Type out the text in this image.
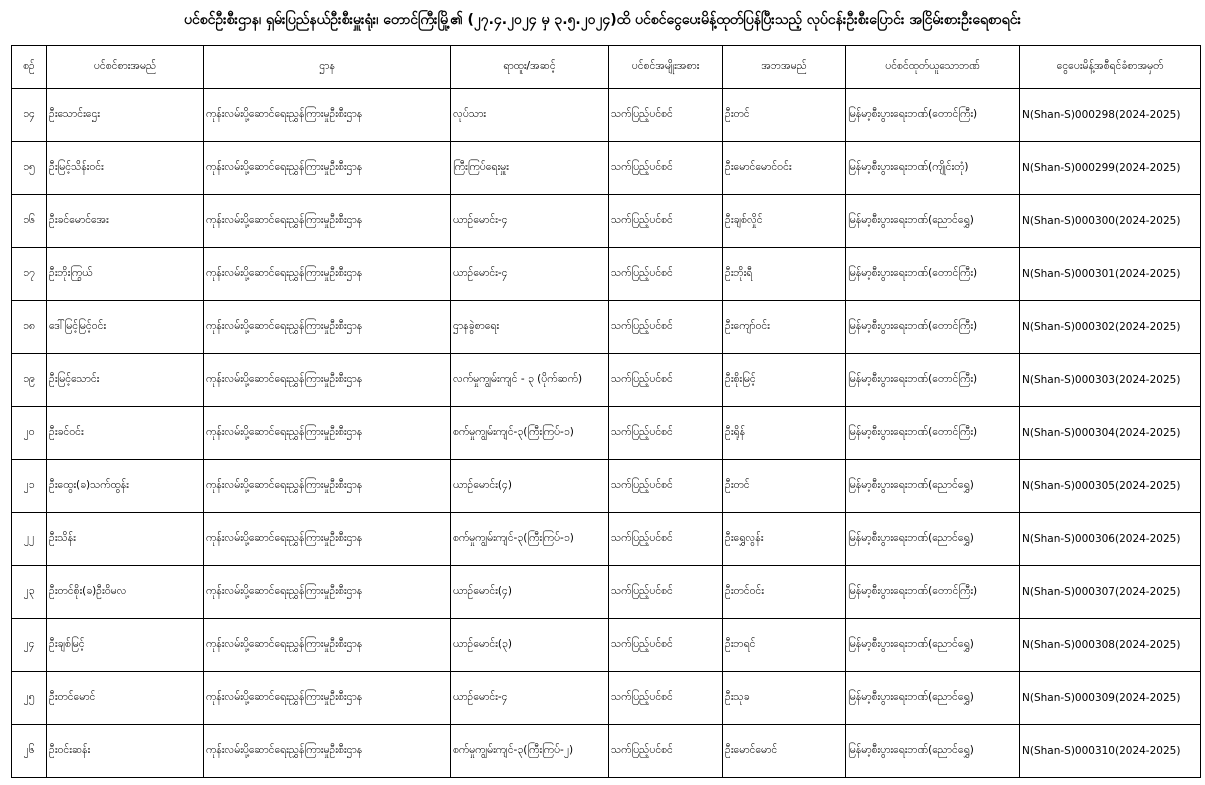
ပင်စင်ဦးစီးဌာန၊ ရှမ်းပြည်နယ်ဦးစီးမှူးရုံး၊ တောင်ကြီးမြို့၏ (၂၇.၄.၂၀၂၄ မှ ၃.၅.၂၀၂၄)ထိ ပင်စင်ငွေပေးမိန့်ထုတ်ပြန်ပြီးသည့် လုပ်ငန်းဦးစီးပြောင်း အငြိမ်းစားဦးရေစာရင်း
စဉ်	ပင်စင်စားအမည်	ဌာန	ရာထူး/အဆင့်	ပင်စင်အမျိုးအစား	အဘအမည်	ပင်စင်ထုတ်ယူသောဘဏ်	ငွေပေးမိန့်အစီရင်ခံစာအမှတ်
၁၄	ဦးသောင်းဌေး	ကုန်းလမ်းပို့ဆောင်ရေးညွှန်ကြားမှုဦးစီးဌာန	လုပ်သား	သက်ပြည့်ပင်စင်	ဦးတင်	မြန်မာ့စီးပွားရေးဘဏ်(တောင်ကြီး)	N(Shan-S)000298(2024-2025)
၁၅	ဦးမြင့်သိန်းဝင်း	ကုန်းလမ်းပို့ဆောင်ရေးညွှန်ကြားမှုဦးစီးဌာန	ကြီးကြပ်ရေးမှူး	သက်ပြည့်ပင်စင်	ဦးမောင်မောင်ဝင်း	မြန်မာ့စီးပွားရေးဘဏ်(ကျိုင်းတုံ)	N(Shan-S)000299(2024-2025)
၁၆	ဦးခင်မောင်အေး	ကုန်းလမ်းပို့ဆောင်ရေးညွှန်ကြားမှုဦးစီးဌာန	ယာဉ်မောင်း-၄	သက်ပြည့်ပင်စင်	ဦးချစ်လှိုင်	မြန်မာ့စီးပွားရေးဘဏ်(ညောင်ရွှေ)	N(Shan-S)000300(2024-2025)
၁၇	ဦးဘိုးကြွယ်	ကုန်းလမ်းပို့ဆောင်ရေးညွှန်ကြားမှုဦးစီးဌာန	ယာဉ်မောင်း-၄	သက်ပြည့်ပင်စင်	ဦးဘိုးရီ	မြန်မာ့စီးပွားရေးဘဏ်(တောင်ကြီး)	N(Shan-S)000301(2024-2025)
၁၈	ဒေါ်မြင့်မြင့်ဝင်း	ကုန်းလမ်းပို့ဆောင်ရေးညွှန်ကြားမှုဦးစီးဌာန	ဌာနခွဲစာရေး	သက်ပြည့်ပင်စင်	ဦးကျော်ဝင်း	မြန်မာ့စီးပွားရေးဘဏ်(တောင်ကြီး)	N(Shan-S)000302(2024-2025)
၁၉	ဦးမြင့်သောင်း	ကုန်းလမ်းပို့ဆောင်ရေးညွှန်ကြားမှုဦးစီးဌာန	လက်မှုကျွမ်းကျင် - ၃ (ပိုက်ဆက်)	သက်ပြည့်ပင်စင်	ဦးစိုးမြင့်	မြန်မာ့စီးပွားရေးဘဏ်(တောင်ကြီး)	N(Shan-S)000303(2024-2025)
၂၀	ဦးခင်ဝင်း	ကုန်းလမ်းပို့ဆောင်ရေးညွှန်ကြားမှုဦးစီးဌာန	စက်မှုကျွမ်းကျင်-၃(ကြီးကြပ်-၁)	သက်ပြည့်ပင်စင်	ဦးရိုန်	မြန်မာ့စီးပွားရေးဘဏ်(တောင်ကြီး)	N(Shan-S)000304(2024-2025)
၂၁	ဦးထွေး(ခ)သက်ထွန်း	ကုန်းလမ်းပို့ဆောင်ရေးညွှန်ကြားမှုဦးစီးဌာန	ယာဉ်မောင်း(၄)	သက်ပြည့်ပင်စင်	ဦးတင်	မြန်မာ့စီးပွားရေးဘဏ်(ညောင်ရွှေ)	N(Shan-S)000305(2024-2025)
၂၂	ဦးသိန်း	ကုန်းလမ်းပို့ဆောင်ရေးညွှန်ကြားမှုဦးစီးဌာန	စက်မှုကျွမ်းကျင်-၃(ကြီးကြပ်-၁)	သက်ပြည့်ပင်စင်	ဦးရွှေလွန်း	မြန်မာ့စီးပွားရေးဘဏ်(ညောင်ရွှေ)	N(Shan-S)000306(2024-2025)
၂၃	ဦးတင်စိုး(ခ)ဦးဝိမလ	ကုန်းလမ်းပို့ဆောင်ရေးညွှန်ကြားမှုဦးစီးဌာန	ယာဉ်မောင်း(၄)	သက်ပြည့်ပင်စင်	ဦးတင်ဝင်း	မြန်မာ့စီးပွားရေးဘဏ်(တောင်ကြီး)	N(Shan-S)000307(2024-2025)
၂၄	ဦးချစ်မြင့်	ကုန်းလမ်းပို့ဆောင်ရေးညွှန်ကြားမှုဦးစီးဌာန	ယာဉ်မောင်း(၃)	သက်ပြည့်ပင်စင်	ဦးဘရင်	မြန်မာ့စီးပွားရေးဘဏ်(ညောင်ရွှေ)	N(Shan-S)000308(2024-2025)
၂၅	ဦးတင်မောင်	ကုန်းလမ်းပို့ဆောင်ရေးညွှန်ကြားမှုဦးစီးဌာန	ယာဉ်မောင်း-၄	သက်ပြည့်ပင်စင်	ဦးသုခ	မြန်မာ့စီးပွားရေးဘဏ်(ညောင်ရွှေ)	N(Shan-S)000309(2024-2025)
၂၆	ဦးဝင်းဆန်း	ကုန်းလမ်းပို့ဆောင်ရေးညွှန်ကြားမှုဦးစီးဌာန	စက်မှုကျွမ်းကျင်-၃(ကြီးကြပ်-၂)	သက်ပြည့်ပင်စင်	ဦးမောင်မောင်	မြန်မာ့စီးပွားရေးဘဏ်(ညောင်ရွှေ)	N(Shan-S)000310(2024-2025)
